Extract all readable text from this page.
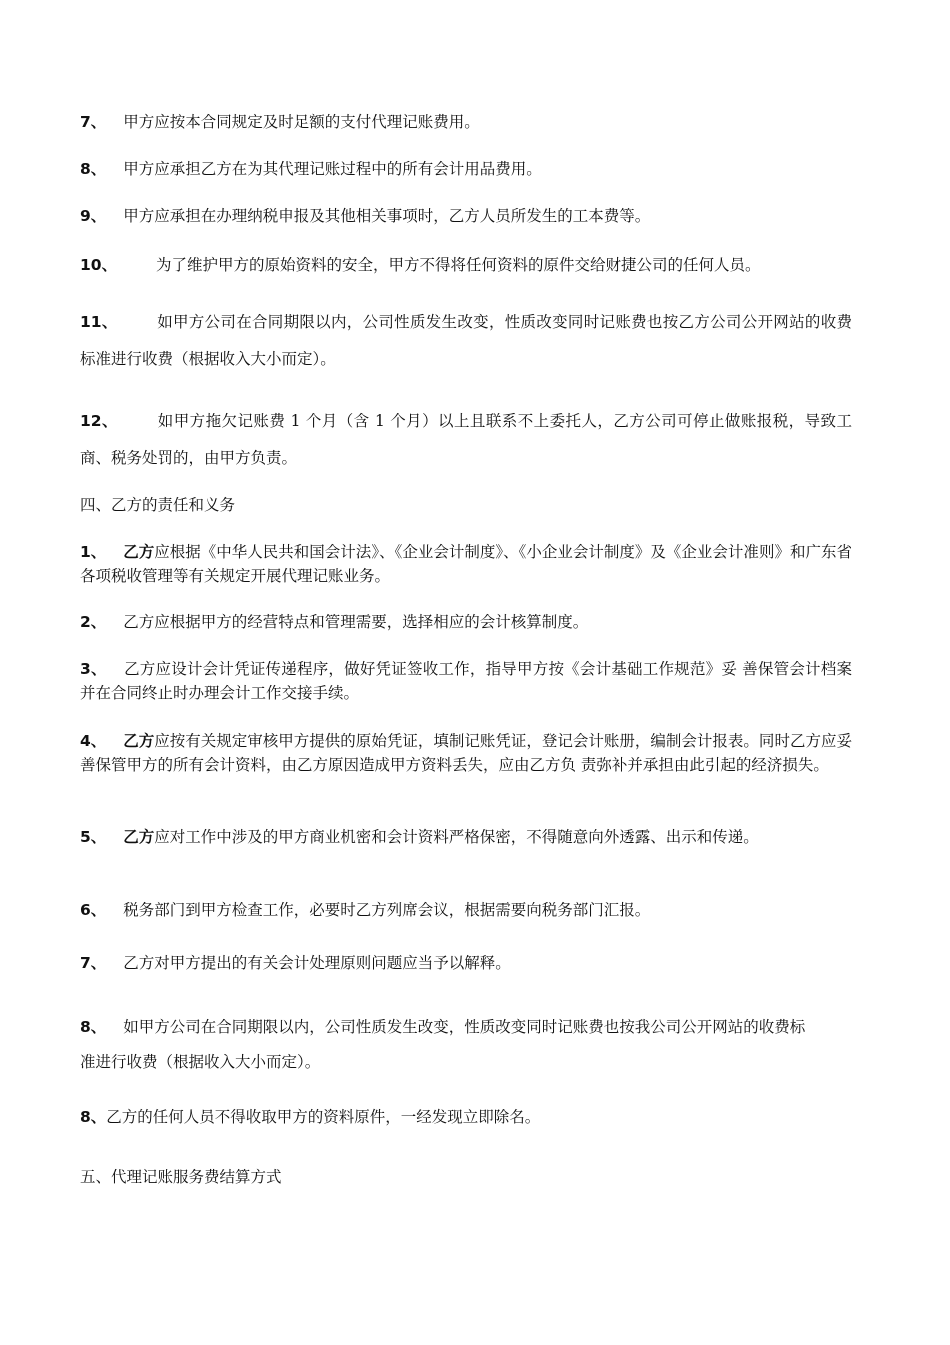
7、 甲方应按本合同规定及时足额的支付代理记账费用。

8、 甲方应承担乙方在为其代理记账过程中的所有会计用品费用。

9、 甲方应承担在办理纳税申报及其他相关事项时，乙方人员所发生的工本费等。

10、	为了维护甲方的原始资料的安全，甲方不得将任何资料的原件交给财捷公司的任何人员。

11、	如甲方公司在合同期限以内，公司性质发生改变，性质改变同时记账费也按乙方公司公开网站的收费标准进行收费（根据收入大小而定）。

12、	如甲方拖欠记账费 1 个月（含 1 个月）以上且联系不上委托人，乙方公司可停止做账报税，导致工商、税务处罚的，由甲方负责。

四、乙方的责任和义务

1、 乙方应根据《中华人民共和国会计法》、《企业会计制度》、《小企业会计制度》及《企业会计准则》和广东省各项税收管理等有关规定开展代理记账业务。

2、 乙方应根据甲方的经营特点和管理需要，选择相应的会计核算制度。

3、 乙方应设计会计凭证传递程序，做好凭证签收工作，指导甲方按《会计基础工作规范》妥 善保管会计档案并在合同终止时办理会计工作交接手续。

4、 乙方应按有关规定审核甲方提供的原始凭证，填制记账凭证，登记会计账册，编制会计报表。同时乙方应妥善保管甲方的所有会计资料，由乙方原因造成甲方资料丢失，应由乙方负 责弥补并承担由此引起的经济损失。

5、 乙方应对工作中涉及的甲方商业机密和会计资料严格保密，不得随意向外透露、出示和传递。

6、 税务部门到甲方检查工作，必要时乙方列席会议，根据需要向税务部门汇报。

7、 乙方对甲方提出的有关会计处理原则问题应当予以解释。

8、 如甲方公司在合同期限以内，公司性质发生改变，性质改变同时记账费也按我公司公开网站的收费标准进行收费（根据收入大小而定）。

8、乙方的任何人员不得收取甲方的资料原件，一经发现立即除名。

五、代理记账服务费结算方式
